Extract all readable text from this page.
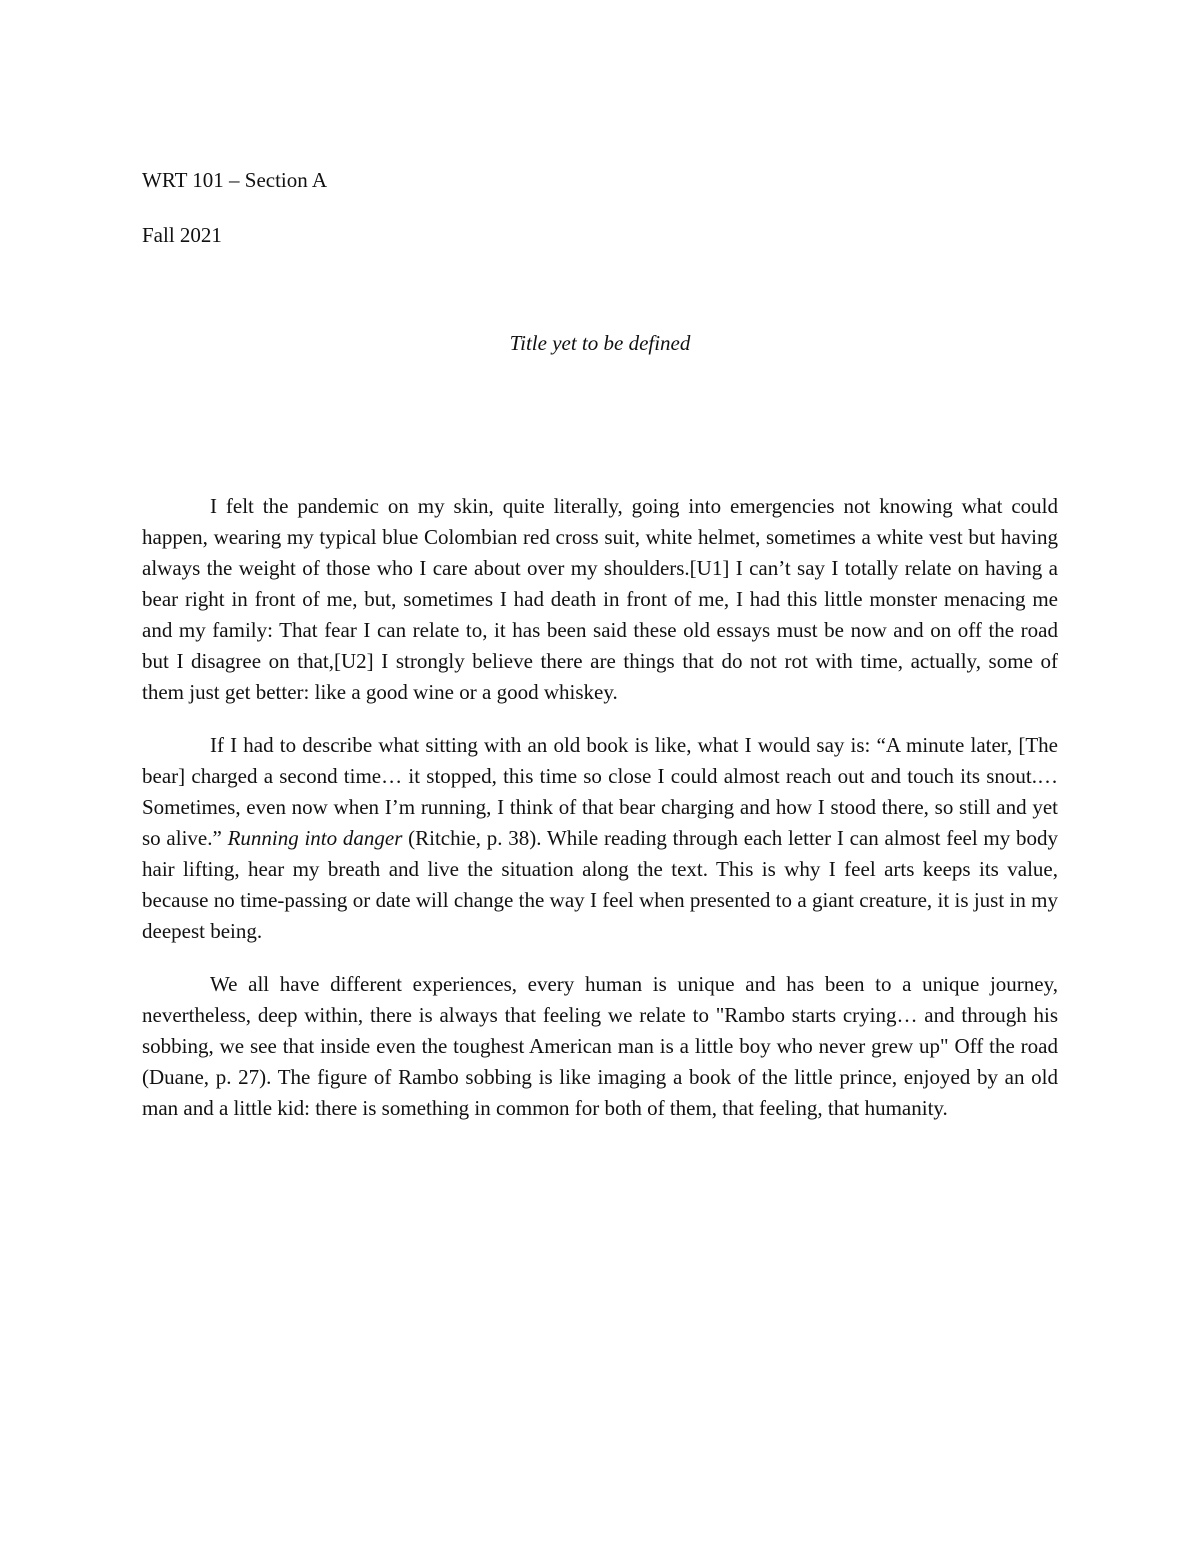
WRT 101 – Section A

Fall 2021

Title yet to be defined

I felt the pandemic on my skin, quite literally, going into emergencies not knowing what could happen, wearing my typical blue Colombian red cross suit, white helmet, sometimes a white vest but having always the weight of those who I care about over my shoulders.[U1] I can’t say I totally relate on having a bear right in front of me, but, sometimes I had death in front of me, I had this little monster menacing me and my family: That fear I can relate to, it has been said these old essays must be now and on off the road but I disagree on that,[U2] I strongly believe there are things that do not rot with time, actually, some of them just get better: like a good wine or a good whiskey.

If I had to describe what sitting with an old book is like, what I would say is: “A minute later, [The bear] charged a second time… it stopped, this time so close I could almost reach out and touch its snout.… Sometimes, even now when I’m running, I think of that bear charging and how I stood there, so still and yet so alive.” Running into danger (Ritchie, p. 38). While reading through each letter I can almost feel my body hair lifting, hear my breath and live the situation along the text. This is why I feel arts keeps its value, because no time-passing or date will change the way I feel when presented to a giant creature, it is just in my deepest being.

We all have different experiences, every human is unique and has been to a unique journey, nevertheless, deep within, there is always that feeling we relate to "Rambo starts crying… and through his sobbing, we see that inside even the toughest American man is a little boy who never grew up" Off the road (Duane, p. 27). The figure of Rambo sobbing is like imaging a book of the little prince, enjoyed by an old man and a little kid: there is something in common for both of them, that feeling, that humanity.
